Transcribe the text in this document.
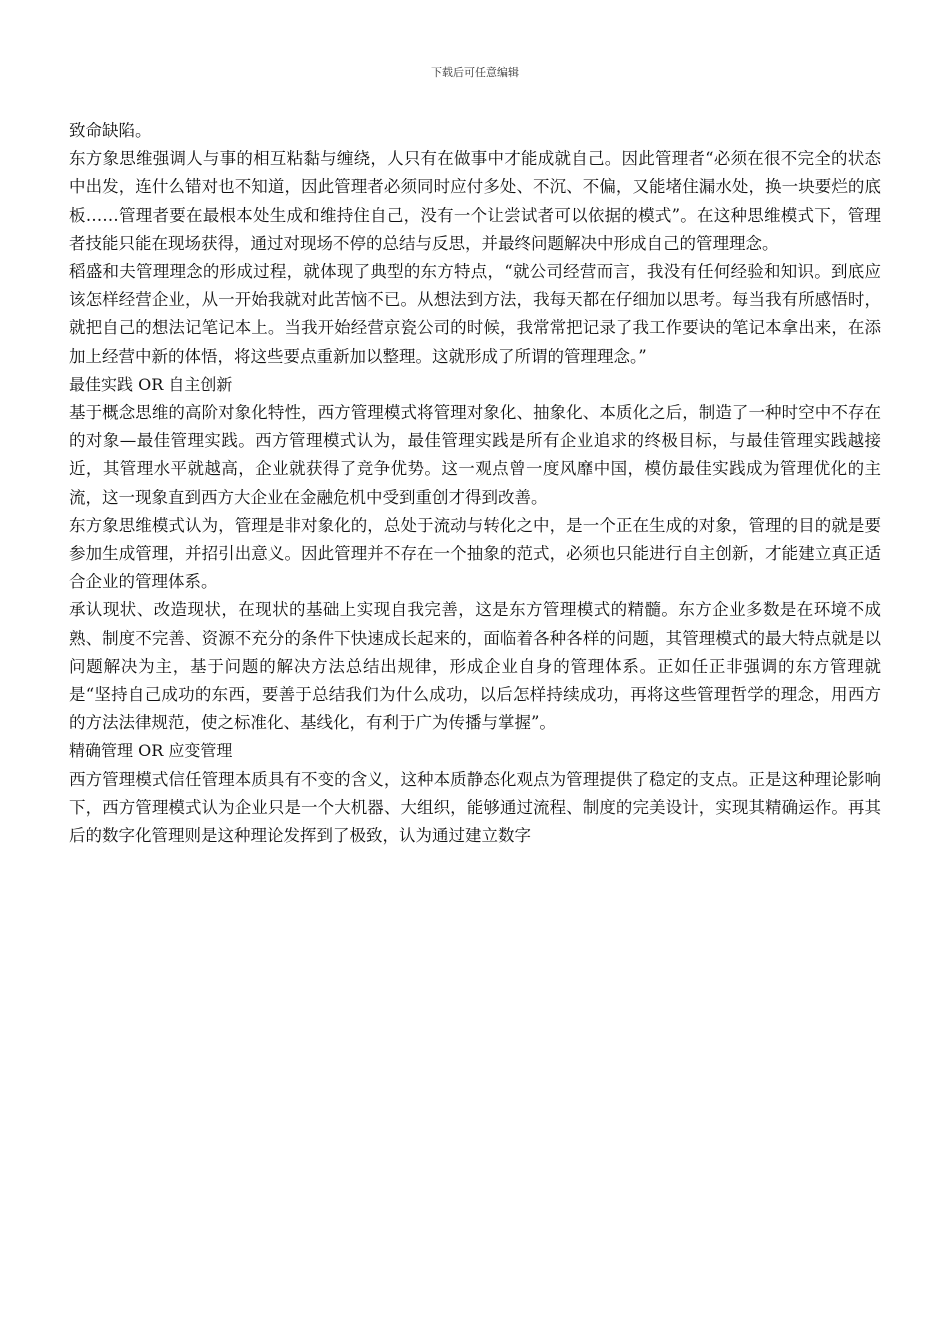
下载后可任意编辑

致命缺陷。

东方象思维强调人与事的相互粘黏与缠绕，人只有在做事中才能成就自己。因此管理者“必须在很不完全的状态中出发，连什么错对也不知道，因此管理者必须同时应付多处、不沉、不偏，又能堵住漏水处，换一块要烂的底板……管理者要在最根本处生成和维持住自己，没有一个让尝试者可以依据的模式”。在这种思维模式下，管理者技能只能在现场获得，通过对现场不停的总结与反思，并最终问题解决中形成自己的管理理念。

稻盛和夫管理理念的形成过程，就体现了典型的东方特点，“就公司经营而言，我没有任何经验和知识。到底应该怎样经营企业，从一开始我就对此苦恼不已。从想法到方法，我每天都在仔细加以思考。每当我有所感悟时，就把自己的想法记笔记本上。当我开始经营京瓷公司的时候，我常常把记录了我工作要诀的笔记本拿出来，在添加上经营中新的体悟，将这些要点重新加以整理。这就形成了所谓的管理理念。”

最佳实践 OR 自主创新

基于概念思维的高阶对象化特性，西方管理模式将管理对象化、抽象化、本质化之后，制造了一种时空中不存在的对象—最佳管理实践。西方管理模式认为，最佳管理实践是所有企业追求的终极目标，与最佳管理实践越接近，其管理水平就越高，企业就获得了竞争优势。这一观点曾一度风靡中国，模仿最佳实践成为管理优化的主流，这一现象直到西方大企业在金融危机中受到重创才得到改善。

东方象思维模式认为，管理是非对象化的，总处于流动与转化之中，是一个正在生成的对象，管理的目的就是要参加生成管理，并招引出意义。因此管理并不存在一个抽象的范式，必须也只能进行自主创新，才能建立真正适合企业的管理体系。

承认现状、改造现状，在现状的基础上实现自我完善，这是东方管理模式的精髓。东方企业多数是在环境不成熟、制度不完善、资源不充分的条件下快速成长起来的，面临着各种各样的问题，其管理模式的最大特点就是以问题解决为主，基于问题的解决方法总结出规律，形成企业自身的管理体系。正如任正非强调的东方管理就是“坚持自己成功的东西，要善于总结我们为什么成功，以后怎样持续成功，再将这些管理哲学的理念，用西方的方法法律规范，使之标准化、基线化，有利于广为传播与掌握”。

精确管理 OR 应变管理

西方管理模式信任管理本质具有不变的含义，这种本质静态化观点为管理提供了稳定的支点。正是这种理论影响下，西方管理模式认为企业只是一个大机器、大组织，能够通过流程、制度的完美设计，实现其精确运作。再其后的数字化管理则是这种理论发挥到了极致，认为通过建立数字
